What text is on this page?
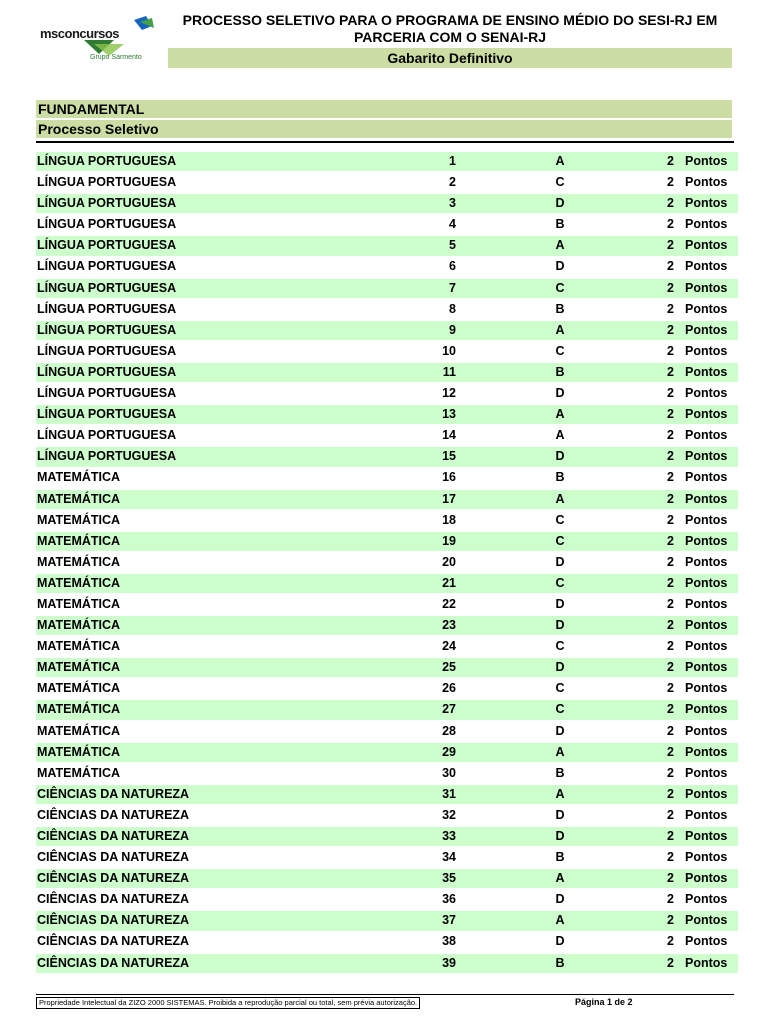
msconcursos
Grupo Sarmento
PROCESSO SELETIVO PARA O PROGRAMA DE ENSINO MÉDIO DO SESI-RJ EM PARCERIA COM O SENAI-RJ
Gabarito Definitivo
FUNDAMENTAL
Processo Seletivo
LÍNGUA PORTUGUESA	1	A	2 Pontos
LÍNGUA PORTUGUESA	2	C	2 Pontos
LÍNGUA PORTUGUESA	3	D	2 Pontos
LÍNGUA PORTUGUESA	4	B	2 Pontos
LÍNGUA PORTUGUESA	5	A	2 Pontos
LÍNGUA PORTUGUESA	6	D	2 Pontos
LÍNGUA PORTUGUESA	7	C	2 Pontos
LÍNGUA PORTUGUESA	8	B	2 Pontos
LÍNGUA PORTUGUESA	9	A	2 Pontos
LÍNGUA PORTUGUESA	10	C	2 Pontos
LÍNGUA PORTUGUESA	11	B	2 Pontos
LÍNGUA PORTUGUESA	12	D	2 Pontos
LÍNGUA PORTUGUESA	13	A	2 Pontos
LÍNGUA PORTUGUESA	14	A	2 Pontos
LÍNGUA PORTUGUESA	15	D	2 Pontos
MATEMÁTICA	16	B	2 Pontos
MATEMÁTICA	17	A	2 Pontos
MATEMÁTICA	18	C	2 Pontos
MATEMÁTICA	19	C	2 Pontos
MATEMÁTICA	20	D	2 Pontos
MATEMÁTICA	21	C	2 Pontos
MATEMÁTICA	22	D	2 Pontos
MATEMÁTICA	23	D	2 Pontos
MATEMÁTICA	24	C	2 Pontos
MATEMÁTICA	25	D	2 Pontos
MATEMÁTICA	26	C	2 Pontos
MATEMÁTICA	27	C	2 Pontos
MATEMÁTICA	28	D	2 Pontos
MATEMÁTICA	29	A	2 Pontos
MATEMÁTICA	30	B	2 Pontos
CIÊNCIAS DA NATUREZA	31	A	2 Pontos
CIÊNCIAS DA NATUREZA	32	D	2 Pontos
CIÊNCIAS DA NATUREZA	33	D	2 Pontos
CIÊNCIAS DA NATUREZA	34	B	2 Pontos
CIÊNCIAS DA NATUREZA	35	A	2 Pontos
CIÊNCIAS DA NATUREZA	36	D	2 Pontos
CIÊNCIAS DA NATUREZA	37	A	2 Pontos
CIÊNCIAS DA NATUREZA	38	D	2 Pontos
CIÊNCIAS DA NATUREZA	39	B	2 Pontos
Propriedade Intelectual da ZIZO 2000 SISTEMAS. Proibida a reprodução parcial ou total, sem prévia autorização.	Página 1 de 2
